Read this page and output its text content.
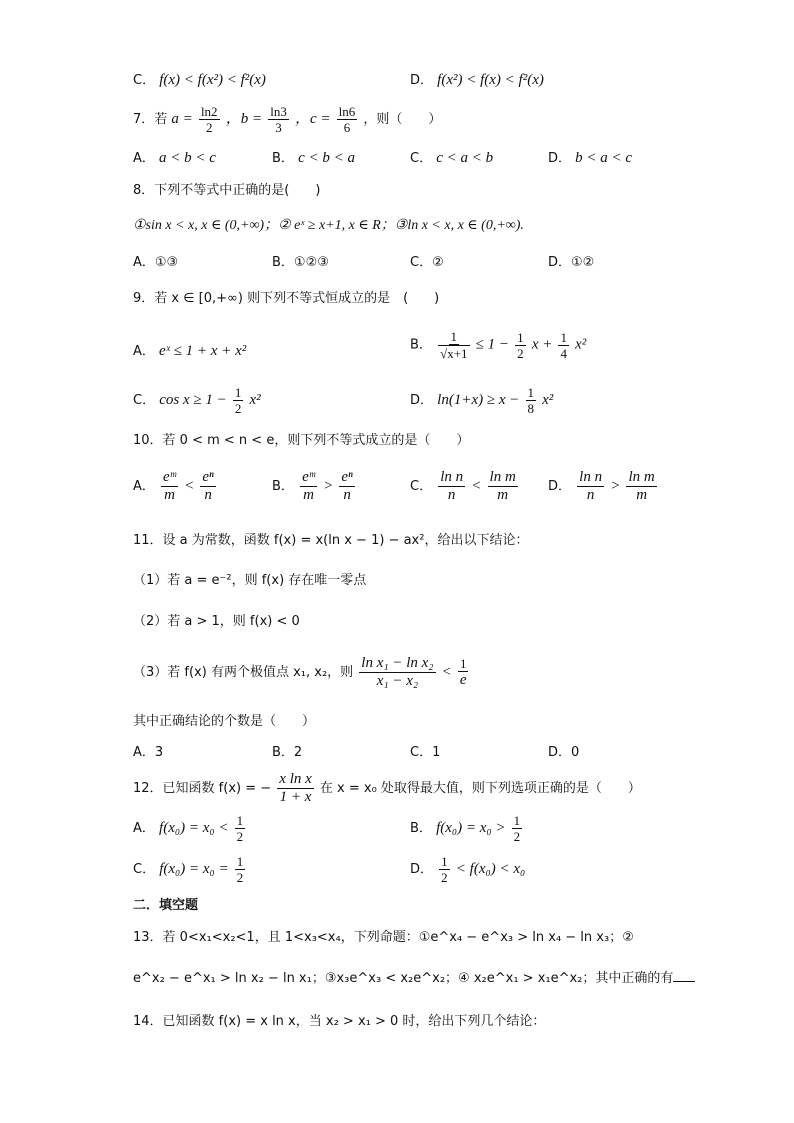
C． f(x) < f(x²) < f²(x)	D． f(x²) < f(x) < f²(x)
7．若 $a = \frac{\ln 2}{2}$ ，$b = \frac{\ln 3}{3}$ ，$c = \frac{\ln 6}{6}$ ，则（　　）
A． a < b < c	B． c < b < a	C． c < a < b	D． b < a < c
8．下列不等式中正确的是(　　)
①sin x < x, x ∈ (0,+∞)；② eˣ ≥ x+1, x ∈ R；③ln x < x, x ∈ (0,+∞).
A．①③	B．①②③	C．②	D．①②
9．若 x ∈ [0,+∞) 则下列不等式恒成立的是　(　　)
A． eˣ ≤ 1 + x + x²	B． $\frac{1}{√x+1} \le 1 - \frac{1}{2}$ $x + \frac{1}{4} x^2$
C． $\cos x \ge 1 - \frac{1}{2} x^2$	D． $\ln(1+x) \ge x - \frac{1}{8} x^2$
10．若 0 < m < n < e，则下列不等式成立的是（　　）
A． $\frac{\text{eᵐ}}{m} < \frac{\text{eⁿ}}{n}$	B． $\frac{\text{eᵐ}}{m} > \frac{\text{eⁿ}}{n}$	C． $\frac{\text{ln n}}{n} < \frac{\text{ln m}}{m}$ D． $\frac{\text{ln n}}{n} > \frac{\text{ln m}}{m}$
11．设 a 为常数，函数 f(x) = x(ln x − 1) − ax²，给出以下结论：
（1）若 a = e⁻²，则 f(x) 存在唯一零点
（2）若 a > 1，则 f(x) < 0
（3）若 f(x) 有两个极值点 x₁, x₂，则 $\frac{\text{ln x₁ − ln x₂}}{\text{x₁ − x₂}} < \frac{1}{e}$
其中正确结论的个数是（　　）
A．3	B．2	C．1	D．0
12．已知函数 f(x) = − $\frac{\text{x ln x}}{1 + x}$ 在 x = x₀ 处取得最大值，则下列选项正确的是（　　）
A． $f(x_0) = x_0 < \frac{1}{2}$	B． $f(x_0) = x_0 > \frac{1}{2}$
C． $f(x_0) = x_0 = \frac{1}{2}$	D． $\frac{1}{2} < f(x_0) < x_0$
二．填空题
13．若 0<x₁<x₂<1，且 1<x₃<x₄，下列命题：①e^x₄ − e^x₃ > ln x₄ − ln x₃；②
e^x₂ − e^x₁ > ln x₂ − ln x₁；③x₃e^x₃ < x₂e^x₂；④ x₂e^x₁ > x₁e^x₂；其中正确的有
14．已知函数 f(x) = x ln x，当 x₂ > x₁ > 0 时，给出下列几个结论：
